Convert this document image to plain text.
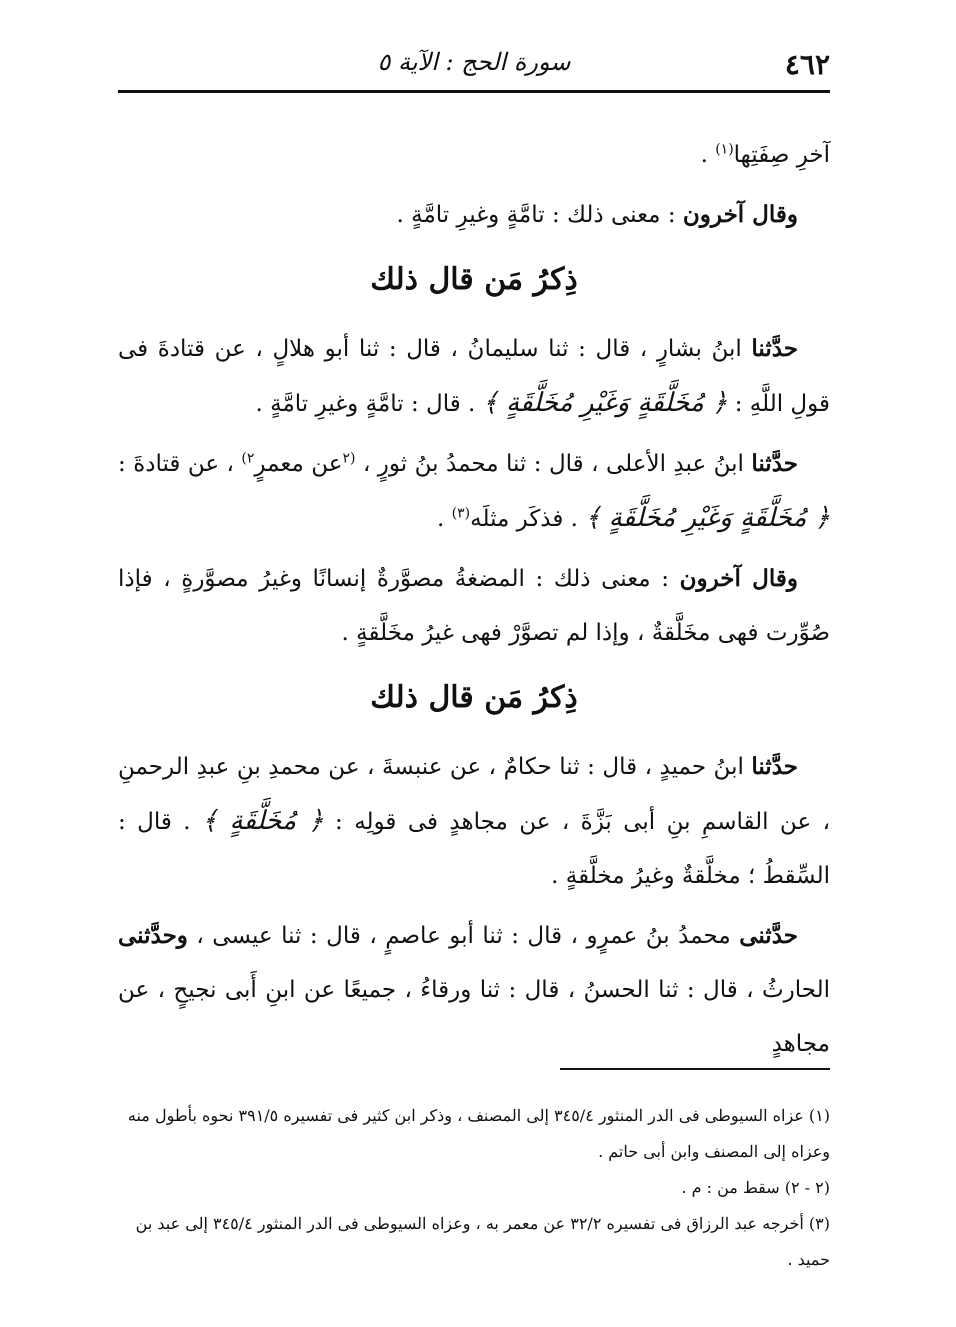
٤٦٢
سورة الحج : الآية ٥

آخرِ صِفَتِها$^{(١)}$ .

وقال آخرون : معنى ذلك : تامَّةٍ وغيرِ تامَّةٍ .

ذِكرُ مَن قال ذلك

حدَّثنا ابنُ بشارٍ ، قال : ثنا سليمانُ ، قال : ثنا أبو هلالٍ ، عن قتادةَ فى قولِ اللَّهِ : ﴿ مُخَلَّقَةٍ وَغَيْرِ مُخَلَّقَةٍ ﴾ . قال : تامَّةٍ وغيرِ تامَّةٍ .

حدَّثنا ابنُ عبدِ الأعلى ، قال : ثنا محمدُ بنُ ثورٍ ، $^{(٢}$عن معمرٍ$^{٢)}$ ، عن قتادةَ : ﴿ مُخَلَّقَةٍ وَغَيْرِ مُخَلَّقَةٍ ﴾ . فذكَر مثلَه$^{(٣)}$ .

وقال آخرون : معنى ذلك : المضغةُ مصوَّرةٌ إنسانًا وغيرُ مصوَّرةٍ ، فإذا صُوِّرت فهى مخَلَّقةٌ ، وإذا لم تصوَّرْ فهى غيرُ مخَلَّقةٍ .

ذِكرُ مَن قال ذلك

حدَّثنا ابنُ حميدٍ ، قال : ثنا حكامٌ ، عن عنبسةَ ، عن محمدِ بنِ عبدِ الرحمنِ ، عن القاسمِ بنِ أبى بَزَّةَ ، عن مجاهدٍ فى قولِه : ﴿ مُخَلَّقَةٍ ﴾ . قال : السِّقطُ ؛ مخلَّقةٌ وغيرُ مخلَّقةٍ .

حدَّثنى محمدُ بنُ عمرٍو ، قال : ثنا أبو عاصمٍ ، قال : ثنا عيسى ، وحدَّثنى الحارثُ ، قال : ثنا الحسنُ ، قال : ثنا ورقاءُ ، جميعًا عن ابنِ أَبى نجيحٍ ، عن مجاهدٍ

(١) عزاه السيوطى فى الدر المنثور ٣٤٥/٤ إلى المصنف ، وذكر ابن كثير فى تفسيره ٣٩١/٥ نحوه بأطول منه وعزاه إلى المصنف وابن أبى حاتم .

(٢ - ٢) سقط من : م .

(٣) أخرجه عبد الرزاق فى تفسيره ٣٢/٢ عن معمر به ، وعزاه السيوطى فى الدر المنثور ٣٤٥/٤ إلى عبد بن حميد .
